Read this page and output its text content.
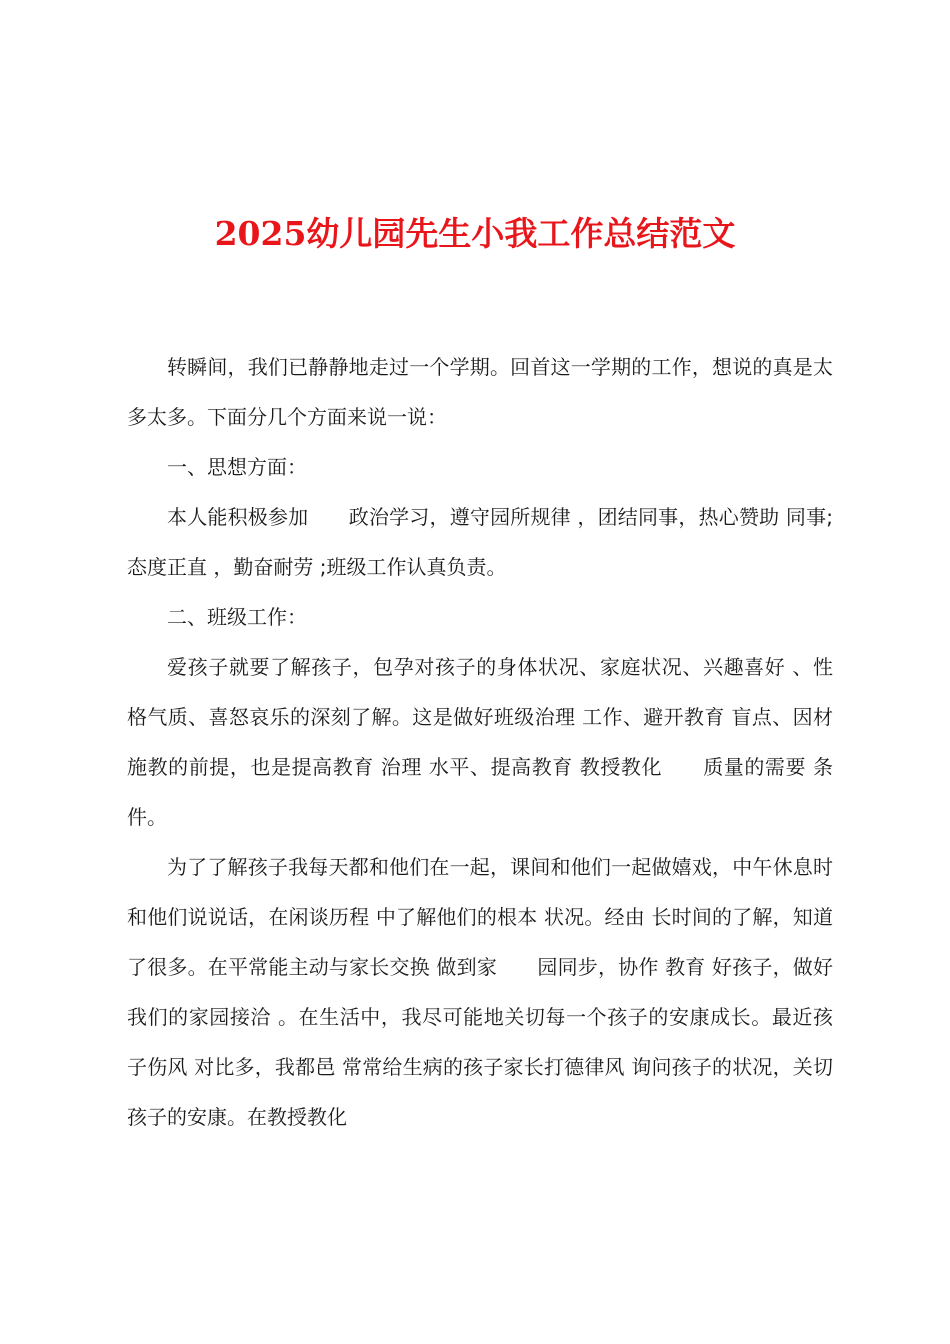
2025幼儿园先生小我工作总结范文

转瞬间，我们已静静地走过一个学期。回首这一学期的工作，想说的真是太多太多。下面分几个方面来说一说：

一、思想方面：

本人能积极参加　　政治学习，遵守园所规律 ，团结同事，热心赞助 同事;态度正直 ，勤奋耐劳 ;班级工作认真负责。

二、班级工作：

爱孩子就要了解孩子，包孕对孩子的身体状况、家庭状况、兴趣喜好 、性格气质、喜怒哀乐的深刻了解。这是做好班级治理 工作、避开教育 盲点、因材施教的前提，也是提高教育 治理 水平、提高教育 教授教化　　质量的需要 条件。

为了了解孩子我每天都和他们在一起，课间和他们一起做嬉戏，中午休息时和他们说说话，在闲谈历程 中了解他们的根本 状况。经由 长时间的了解，知道了很多。在平常能主动与家长交换 做到家　　园同步，协作 教育 好孩子，做好我们的家园接洽 。在生活中，我尽可能地关切每一个孩子的安康成长。最近孩子伤风 对比多，我都邑 常常给生病的孩子家长打德律风 询问孩子的状况，关切孩子的安康。在教授教化
